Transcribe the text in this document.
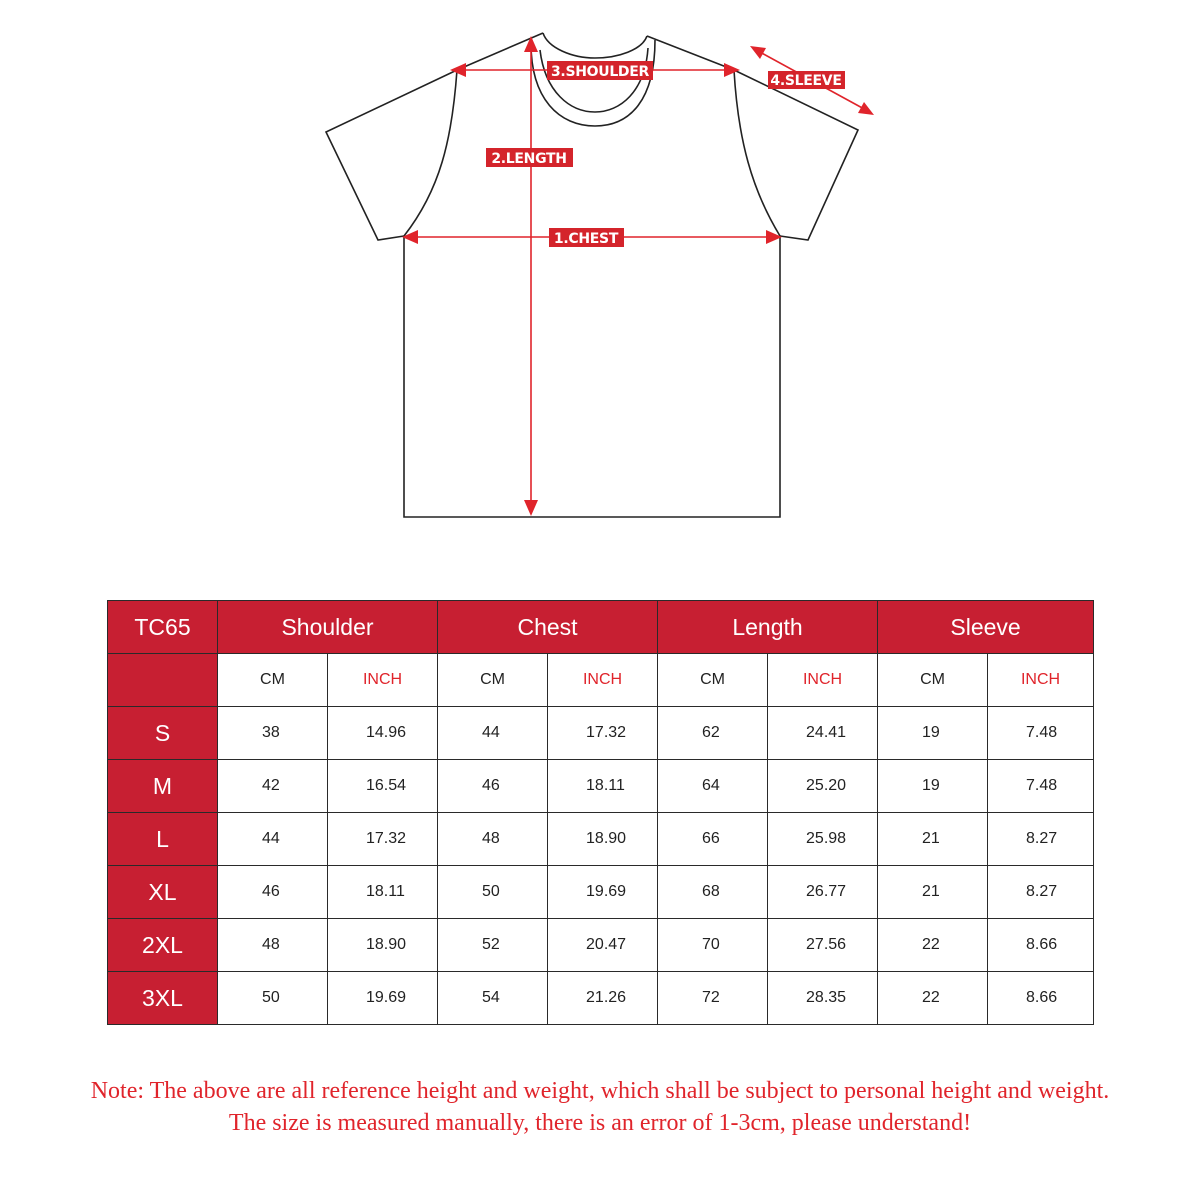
3.SHOULDER
2.LENGTH
1.CHEST
4.SLEEVE
TC65	Shoulder		Chest		Length		Sleeve	
	CM	INCH	CM	INCH	CM	INCH	CM	INCH
S	38	14.96	44	17.32	62	24.41	19	7.48
M	42	16.54	46	18.11	64	25.20	19	7.48
L	44	17.32	48	18.90	66	25.98	21	8.27
XL	46	18.11	50	19.69	68	26.77	21	8.27
2XL	48	18.90	52	20.47	70	27.56	22	8.66
3XL	50	19.69	54	21.26	72	28.35	22	8.66
Note: The above are all reference height and weight, which shall be subject to personal height and weight.
The size is measured manually, there is an error of 1-3cm, please understand!
